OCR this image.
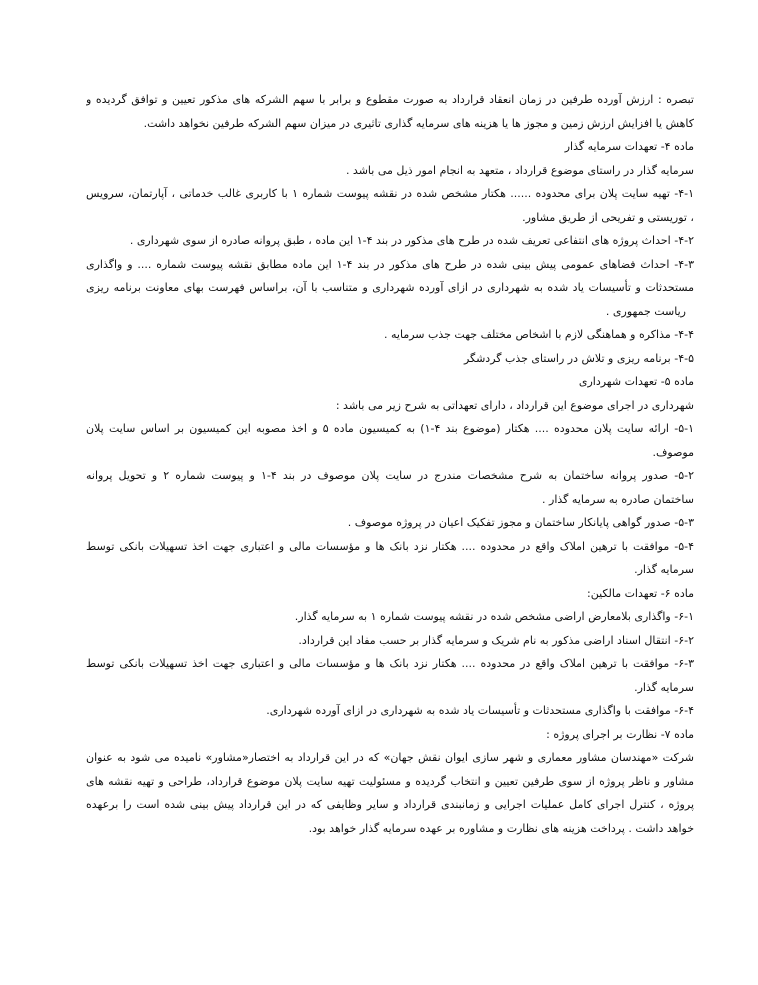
تبصره : ارزش آورده طرفین در زمان انعقاد قرارداد به صورت مقطوع و برابر با سهم الشرکه های مذکور تعیین و توافق گردیده و
کاهش یا افزایش ارزش زمین و مجوز ها یا هزینه های سرمایه گذاری تاثیری در میزان سهم الشرکه طرفین نخواهد داشت.
ماده ۴- تعهدات سرمایه گذار
سرمایه گذار در راستای موضوع قرارداد ، متعهد به انجام امور ذیل می باشد .
۴-۱- تهیه سایت پلان برای محدوده ...... هکتار مشخص شده در نقشه پیوست شماره ۱ با کاربری غالب خدماتی ، آپارتمان، سرویس
، توریستی و تفریحی از طریق مشاور.
۴-۲- احداث پروژه های انتفاعی تعریف شده در طرح های مذکور در بند ۴-۱ این ماده ، طبق پروانه صادره از سوی شهرداری .
۴-۳- احداث فضاهای عمومی پیش بینی شده در طرح های مذکور در بند ۴-۱ این ماده مطابق نقشه پیوست شماره .... و واگذاری
مستحدثات و تأسیسات یاد شده به شهرداری در ازای آورده شهرداری و متناسب با آن، براساس فهرست بهای معاونت برنامه ریزی
ریاست جمهوری .
۴-۴- مذاکره و هماهنگی لازم با اشخاص مختلف جهت جذب سرمایه .
۴-۵- برنامه ریزی و تلاش در راستای جذب گردشگر
ماده ۵- تعهدات شهرداری
شهرداری در اجرای موضوع این قرارداد ، دارای تعهداتی به شرح زیر می باشد :
۵-۱- ارائه سایت پلان محدوده .... هکتار (موضوع بند ۴-۱) به کمیسیون ماده ۵ و اخذ مصوبه این کمیسیون بر اساس سایت پلان
موصوف.
۵-۲- صدور پروانه ساختمان به شرح مشخصات مندرج در سایت پلان موصوف در بند ۴-۱ و پیوست شماره ۲ و تحویل پروانه
ساختمان صادره به سرمایه گذار .
۵-۳- صدور گواهی پایانکار ساختمان و مجوز تفکیک اعیان در پروژه موصوف .
۵-۴- موافقت با ترهین املاک واقع در محدوده .... هکتار نزد بانک ها و مؤسسات مالی و اعتباری جهت اخذ تسهیلات بانکی توسط
سرمایه گذار.
ماده ۶- تعهدات مالکین:
۶-۱- واگذاری بلامعارض اراضی مشخص شده در نقشه پیوست شماره ۱ به سرمایه گذار.
۶-۲- انتقال اسناد اراضی مذکور به نام شریک و سرمایه گذار بر حسب مفاد این قرارداد.
۶-۳- موافقت با ترهین املاک واقع در محدوده .... هکتار نزد بانک ها و مؤسسات مالی و اعتباری جهت اخذ تسهیلات بانکی توسط
سرمایه گذار.
۶-۴- موافقت با واگذاری مستحدثات و تأسیسات یاد شده به شهرداری در ازای آورده شهرداری.
ماده ۷- نظارت بر اجرای پروژه :
شرکت «مهندسان مشاور معماری و شهر سازی ایوان نقش جهان» که در این قرارداد به اختصار«مشاور» نامیده می شود به عنوان
مشاور و ناظر پروژه از سوی طرفین تعیین و انتخاب گردیده و مسئولیت تهیه سایت پلان موضوع قرارداد، طراحی و تهیه نقشه های
پروژه ، کنترل اجرای کامل عملیات اجرایی و زمانبندی قرارداد و سایر وظایفی که در این قرارداد پیش بینی شده است را برعهده
خواهد داشت . پرداخت هزینه های نظارت و مشاوره بر عهده سرمایه گذار خواهد بود.
